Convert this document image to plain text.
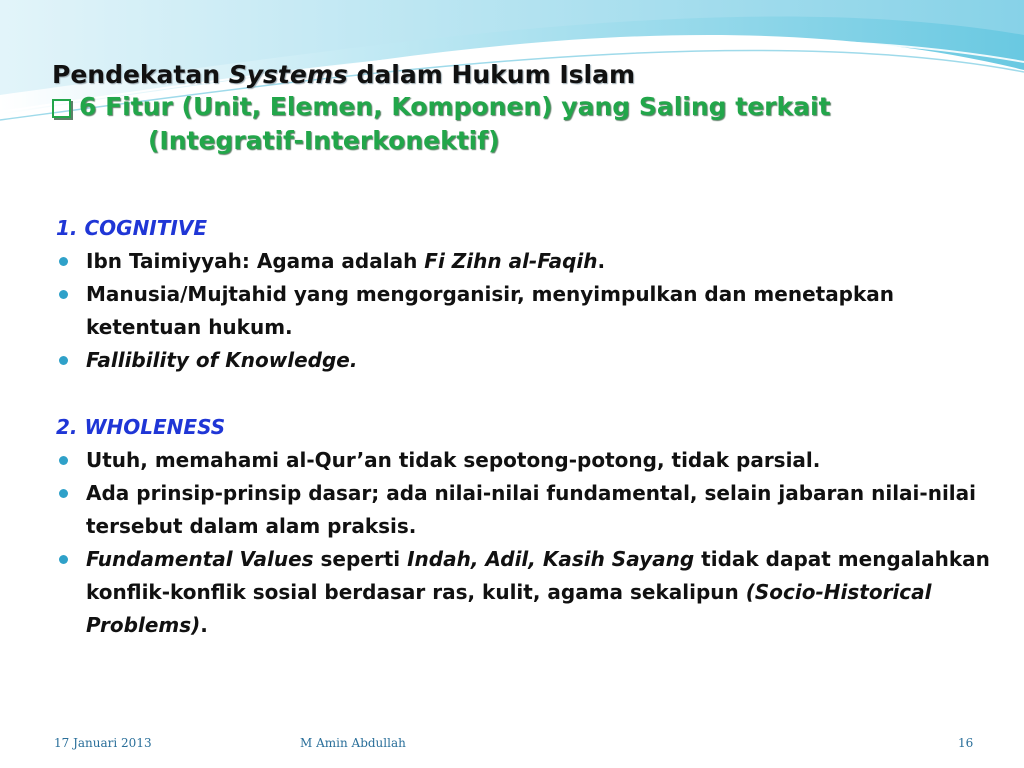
Pendekatan Systems dalam Hukum Islam
6 Fitur (Unit, Elemen, Komponen) yang Saling terkait
(Integratif-Interkonektif)
1. COGNITIVE
Ibn Taimiyyah: Agama adalah Fi Zihn al-Faqih.
Manusia/Mujtahid yang mengorganisir, menyimpulkan dan menetapkan ketentuan hukum.
Fallibility of Knowledge.
2. WHOLENESS
Utuh, memahami al-Qur’an tidak sepotong-potong, tidak parsial.
Ada prinsip-prinsip dasar; ada nilai-nilai fundamental, selain jabaran nilai-nilai tersebut dalam alam praksis.
Fundamental Values seperti Indah, Adil, Kasih Sayang tidak dapat mengalahkan konflik-konflik sosial berdasar ras, kulit, agama sekalipun (Socio-Historical Problems).
17 Januari 2013	M Amin Abdullah	16
